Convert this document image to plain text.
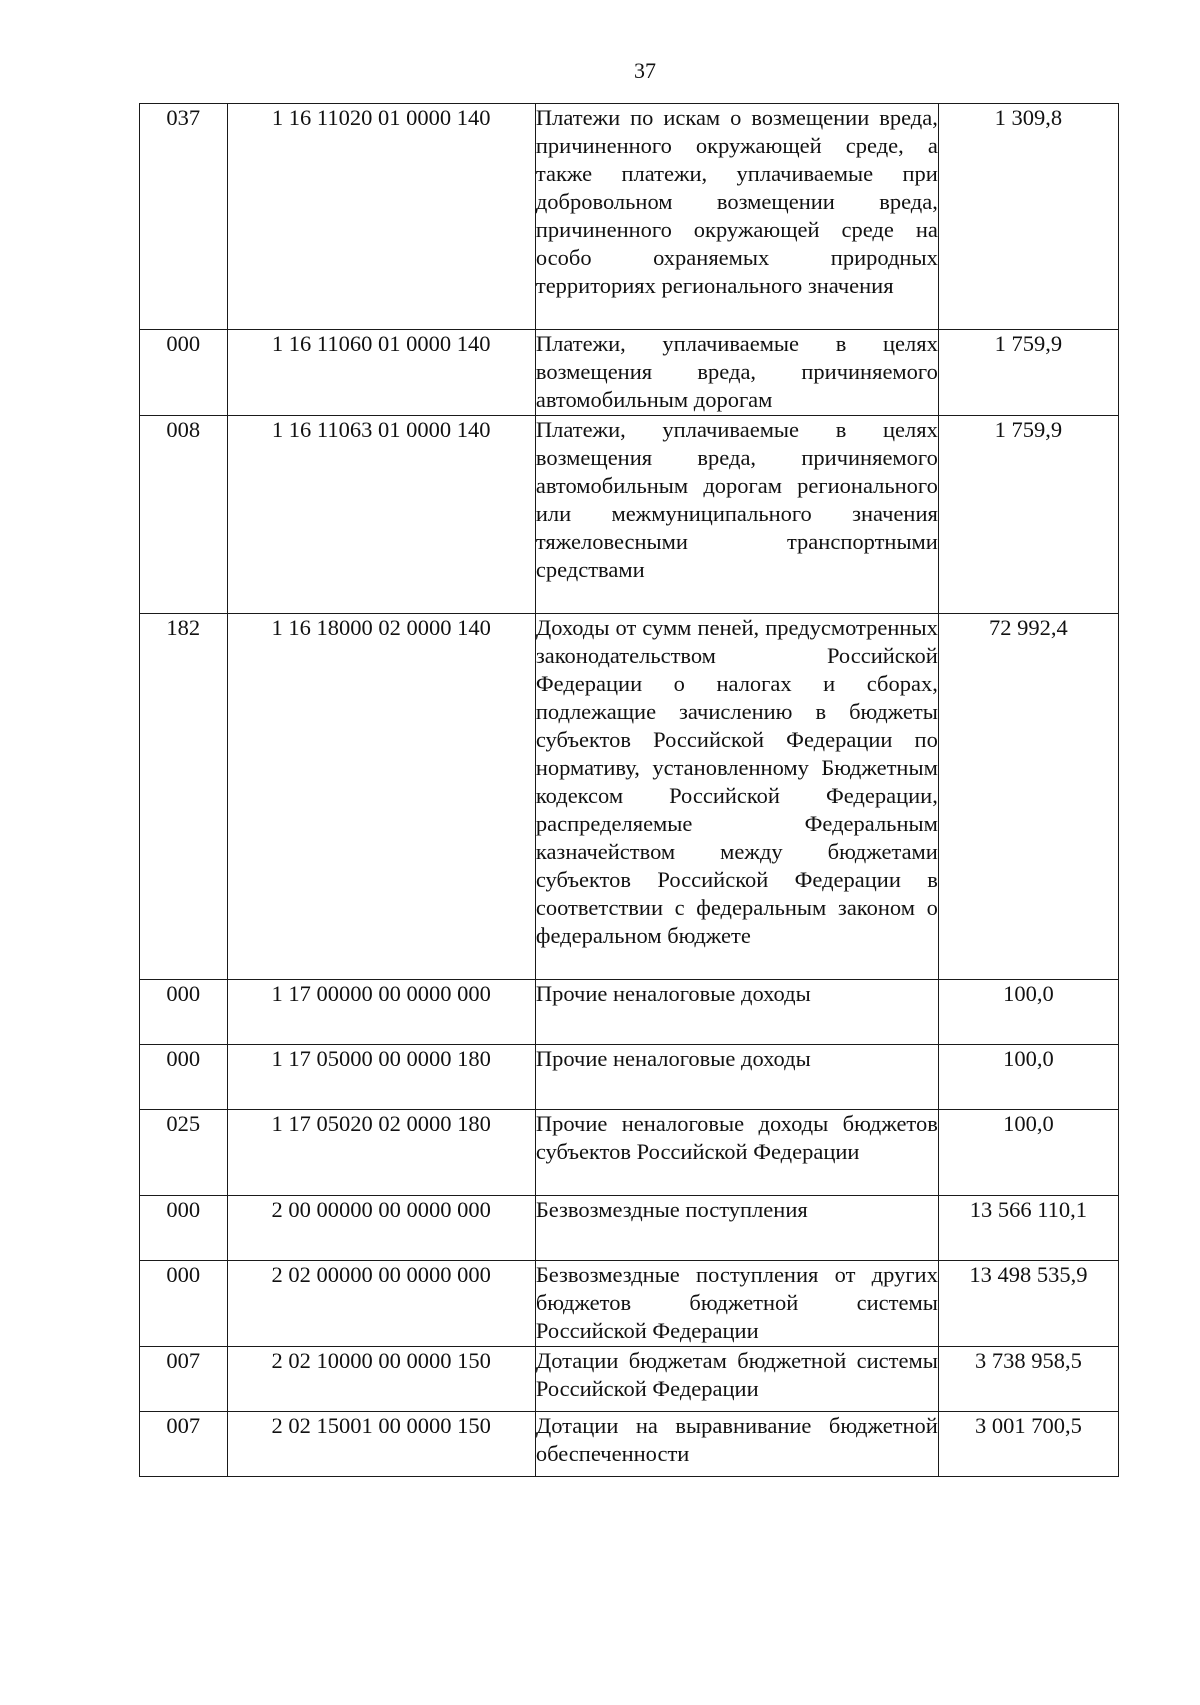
37
037	1 16 11020 01 0000 140	Платежи по искам о возмещении вреда, причиненного окружающей среде, а также платежи, уплачиваемые при добровольном возмещении вреда, причиненного окружающей среде на особо охраняемых природных территориях регионального значения	1 309,8
000	1 16 11060 01 0000 140	Платежи, уплачиваемые в целях возмещения вреда, причиняемого автомобильным дорогам	1 759,9
008	1 16 11063 01 0000 140	Платежи, уплачиваемые в целях возмещения вреда, причиняемого автомобильным дорогам регионального или межмуниципального значения тяжеловесными транспортными средствами	1 759,9
182	1 16 18000 02 0000 140	Доходы от сумм пеней, предусмотренных законодательством Российской Федерации о налогах и сборах, подлежащие зачислению в бюджеты субъектов Российской Федерации по нормативу, установленному Бюджетным кодексом Российской Федерации, распределяемые Федеральным казначейством между бюджетами субъектов Российской Федерации в соответствии с федеральным законом о федеральном бюджете	72 992,4
000	1 17 00000 00 0000 000	Прочие неналоговые доходы	100,0
000	1 17 05000 00 0000 180	Прочие неналоговые доходы	100,0
025	1 17 05020 02 0000 180	Прочие неналоговые доходы бюджетов субъектов Российской Федерации	100,0
000	2 00 00000 00 0000 000	Безвозмездные поступления	13 566 110,1
000	2 02 00000 00 0000 000	Безвозмездные поступления от других бюджетов бюджетной системы Российской Федерации	13 498 535,9
007	2 02 10000 00 0000 150	Дотации бюджетам бюджетной системы Российской Федерации	3 738 958,5
007	2 02 15001 00 0000 150	Дотации на выравнивание бюджетной обеспеченности	3 001 700,5
